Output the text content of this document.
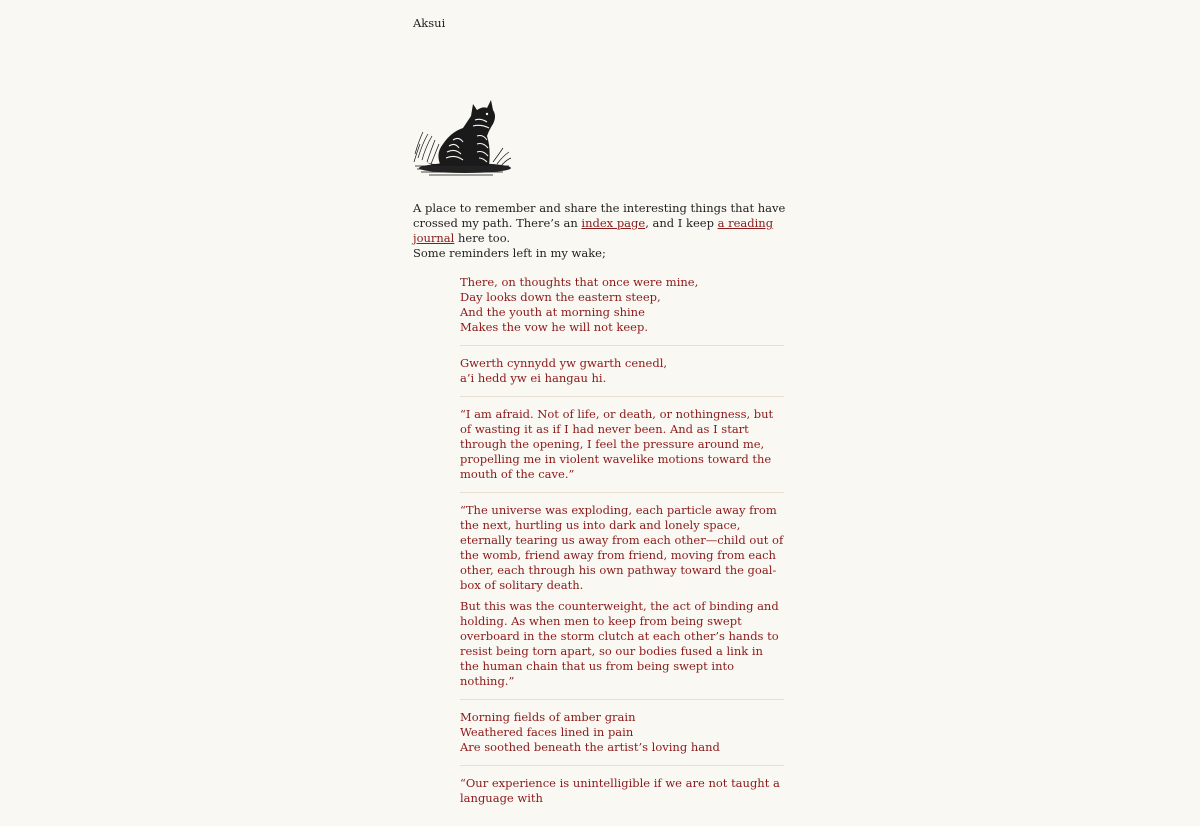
Aksui

A place to remember and share the interesting things that have crossed my path. There’s an index page, and I keep a reading journal here too.

Some reminders left in my wake;

There, on thoughts that once were mine,
Day looks down the eastern steep,
And the youth at morning shine
Makes the vow he will not keep.
Gwerth cynnydd yw gwarth cenedl,
a’i hedd yw ei hangau hi.

“I am afraid. Not of life, or death, or nothingness, but of wasting it as if I had never been. And as I start through the opening, I feel the pressure around me, propelling me in violent wavelike motions toward the mouth of the cave.”

“The universe was exploding, each particle away from the next, hurtling us into dark and lonely space, eternally tearing us away from each other—child out of the womb, friend away from friend, moving from each other, each through his own pathway toward the goal-box of solitary death.

But this was the counterweight, the act of binding and holding. As when men to keep from being swept overboard in the storm clutch at each other’s hands to resist being torn apart, so our bodies fused a link in the human chain that us from being swept into nothing.”

Morning fields of amber grain
Weathered faces lined in pain
Are soothed beneath the artist’s loving hand

“Our experience is unintelligible if we are not taught a language with
